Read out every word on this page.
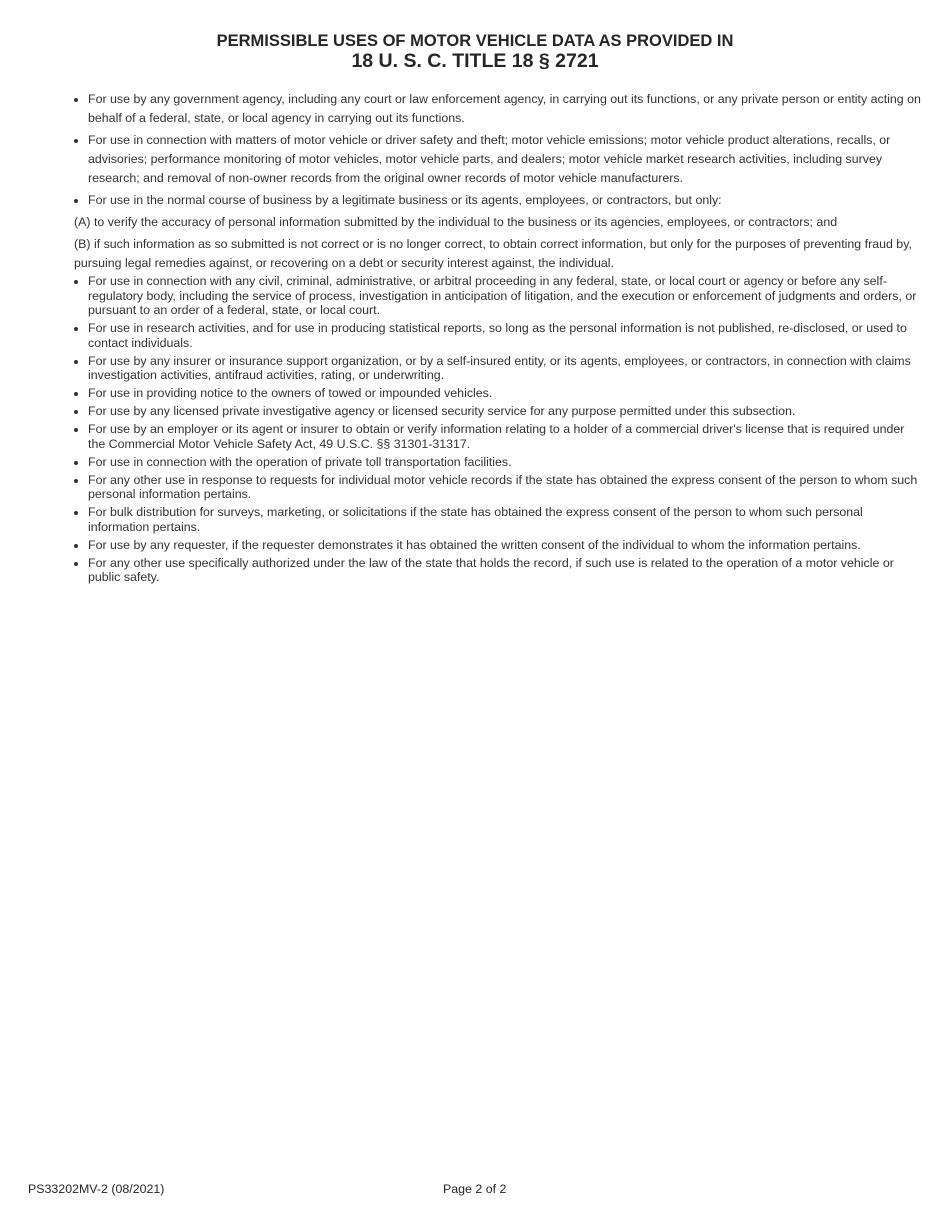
PERMISSIBLE USES OF MOTOR VEHICLE DATA AS PROVIDED IN
18 U. S. C. TITLE 18 § 2721
For use by any government agency, including any court or law enforcement agency, in carrying out its functions, or any private person or entity acting on behalf of a federal, state, or local agency in carrying out its functions.
For use in connection with matters of motor vehicle or driver safety and theft; motor vehicle emissions; motor vehicle product alterations, recalls, or advisories; performance monitoring of motor vehicles, motor vehicle parts, and dealers; motor vehicle market research activities, including survey research; and removal of non-owner records from the original owner records of motor vehicle manufacturers.
For use in the normal course of business by a legitimate business or its agents, employees, or contractors, but only:

(A) to verify the accuracy of personal information submitted by the individual to the business or its agencies, employees, or contractors; and

(B) if such information as so submitted is not correct or is no longer correct, to obtain correct information, but only for the purposes of preventing fraud by, pursuing legal remedies against, or recovering on a debt or security interest against, the individual.

For use in connection with any civil, criminal, administrative, or arbitral proceeding in any federal, state, or local court or agency or before any self-regulatory body, including the service of process, investigation in anticipation of litigation, and the execution or enforcement of judgments and orders, or pursuant to an order of a federal, state, or local court.
For use in research activities, and for use in producing statistical reports, so long as the personal information is not published, re-disclosed, or used to contact individuals.
For use by any insurer or insurance support organization, or by a self-insured entity, or its agents, employees, or contractors, in connection with claims investigation activities, antifraud activities, rating, or underwriting.
For use in providing notice to the owners of towed or impounded vehicles.
For use by any licensed private investigative agency or licensed security service for any purpose permitted under this subsection.
For use by an employer or its agent or insurer to obtain or verify information relating to a holder of a commercial driver's license that is required under the Commercial Motor Vehicle Safety Act, 49 U.S.C. §§ 31301-31317.
For use in connection with the operation of private toll transportation facilities.
For any other use in response to requests for individual motor vehicle records if the state has obtained the express consent of the person to whom such personal information pertains.
For bulk distribution for surveys, marketing, or solicitations if the state has obtained the express consent of the person to whom such personal information pertains.
For use by any requester, if the requester demonstrates it has obtained the written consent of the individual to whom the information pertains.
For any other use specifically authorized under the law of the state that holds the record, if such use is related to the operation of a motor vehicle or public safety.
PS33202MV-2 (08/2021)	Page 2 of 2
